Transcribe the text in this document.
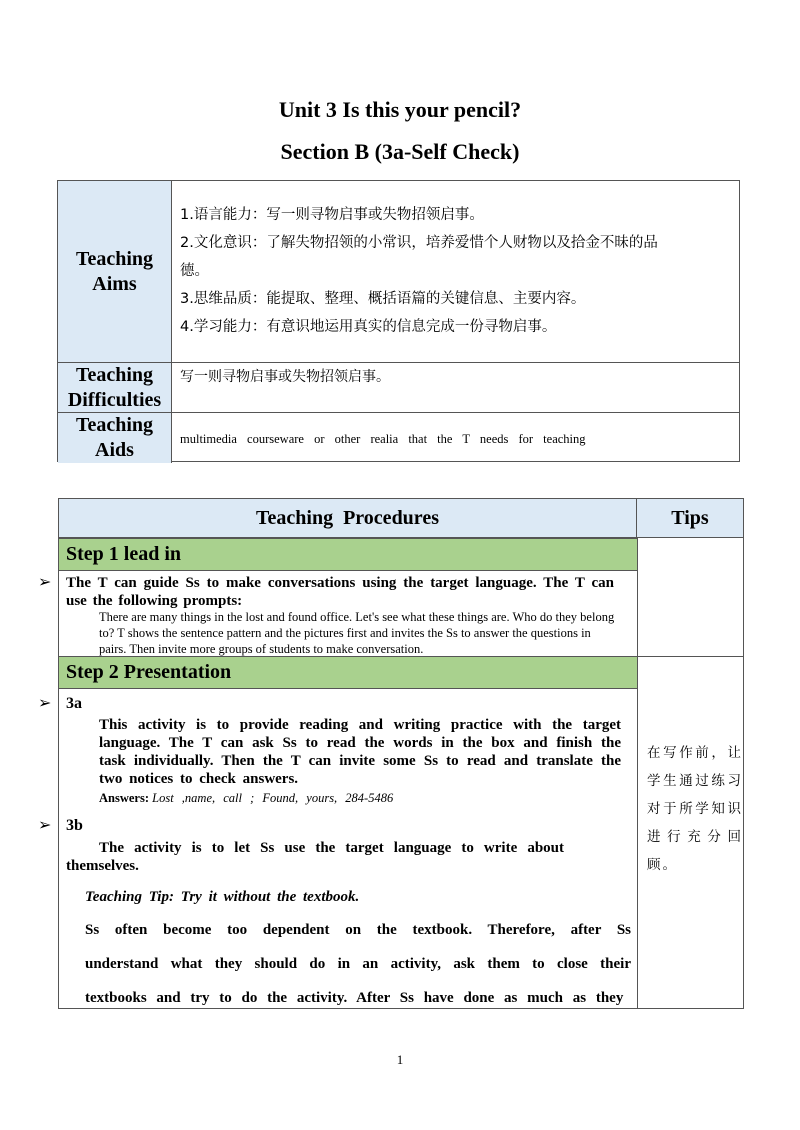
Unit 3 Is this your pencil?
Section B (3a-Self Check)
Teaching Aims
1.语言能力：写一则寻物启事或失物招领启事。
2.文化意识：了解失物招领的小常识，培养爱惜个人财物以及拾金不昧的品
德。
3.思维品质：能提取、整理、概括语篇的关键信息、主要内容。
4.学习能力：有意识地运用真实的信息完成一份寻物启事。
Teaching Difficulties
写一则寻物启事或失物招领启事。
Teaching Aids	multimedia courseware or other realia that the T needs for teaching
Teaching Procedures	Tips
Step 1 lead in
The T can guide Ss to make conversations using the target language. The T can use the following prompts:
There are many things in the lost and found office. Let's see what these things are. Who do they belong to? T shows the sentence pattern and the pictures first and invites the Ss to answer the questions in pairs. Then invite more groups of students to make conversation.
Step 2 Presentation
3a
This activity is to provide reading and writing practice with the target language. The T can ask Ss to read the words in the box and finish the task individually. Then the T can invite some Ss to read and translate the two notices to check answers.
Answers: Lost ,name, call ; Found, yours, 284-5486
3b
The activity is to let Ss use the target language to write about themselves.
Teaching Tip: Try it without the textbook.
Ss often become too dependent on the textbook. Therefore, after Ss understand what they should do in an activity, ask them to close their textbooks and try to do the activity. After Ss have done as much as they
在写作前，让学生通过练习对于所学知识进行充分回顾。
➢
➢
➢
1
